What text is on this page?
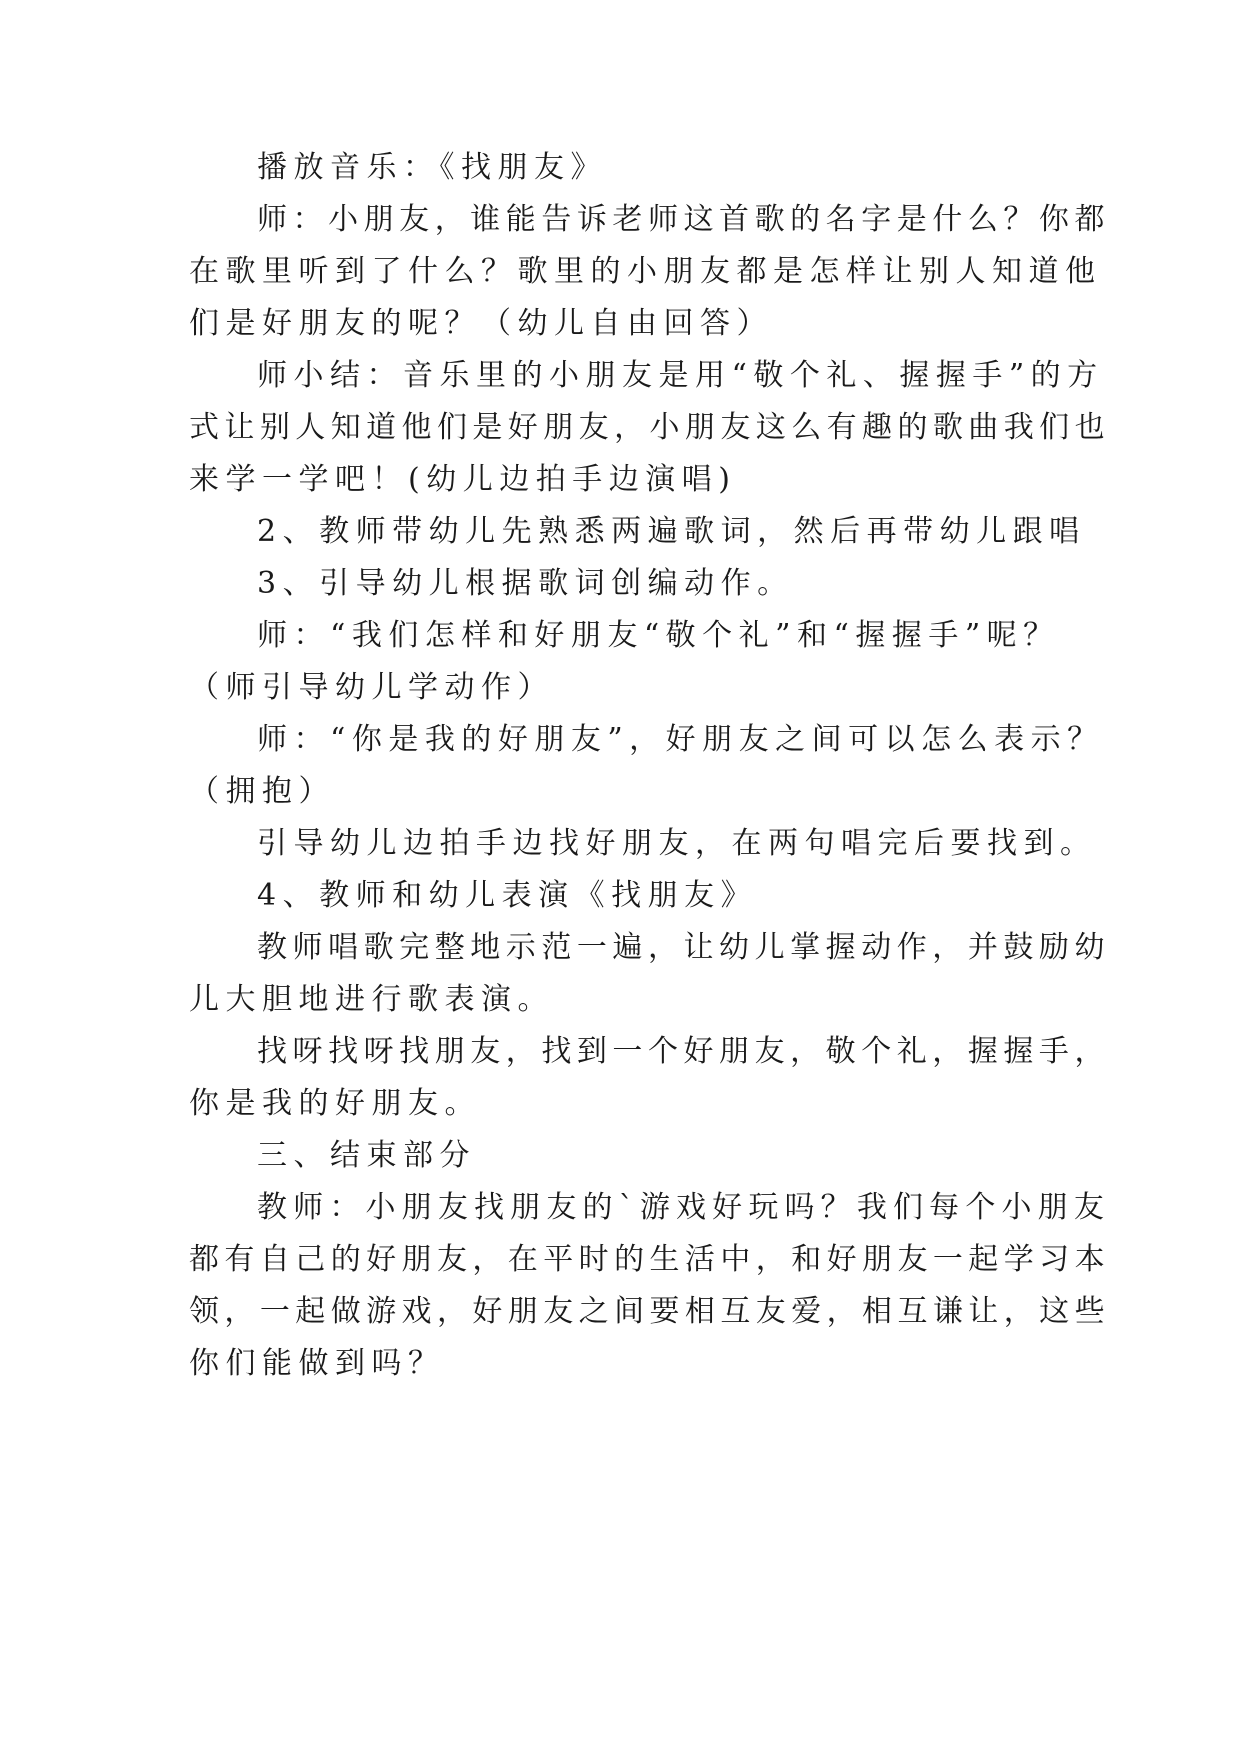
播放音乐：《找朋友》
师：小朋友，谁能告诉老师这首歌的名字是什么？你都
在歌里听到了什么？歌里的小朋友都是怎样让别人知道他
们是好朋友的呢？（幼儿自由回答）
师小结：音乐里的小朋友是用“敬个礼、握握手”的方
式让别人知道他们是好朋友，小朋友这么有趣的歌曲我们也
来学一学吧！(幼儿边拍手边演唱)
2、教师带幼儿先熟悉两遍歌词，然后再带幼儿跟唱
3、引导幼儿根据歌词创编动作。
师：“我们怎样和好朋友“敬个礼”和“握握手”呢？
（师引导幼儿学动作）
师：“你是我的好朋友”，好朋友之间可以怎么表示？
（拥抱）
引导幼儿边拍手边找好朋友，在两句唱完后要找到。
4、教师和幼儿表演《找朋友》
教师唱歌完整地示范一遍，让幼儿掌握动作，并鼓励幼
儿大胆地进行歌表演。
找呀找呀找朋友，找到一个好朋友，敬个礼，握握手，
你是我的好朋友。
三、结束部分
教师：小朋友找朋友的`游戏好玩吗？我们每个小朋友
都有自己的好朋友，在平时的生活中，和好朋友一起学习本
领，一起做游戏，好朋友之间要相互友爱，相互谦让，这些
你们能做到吗？
